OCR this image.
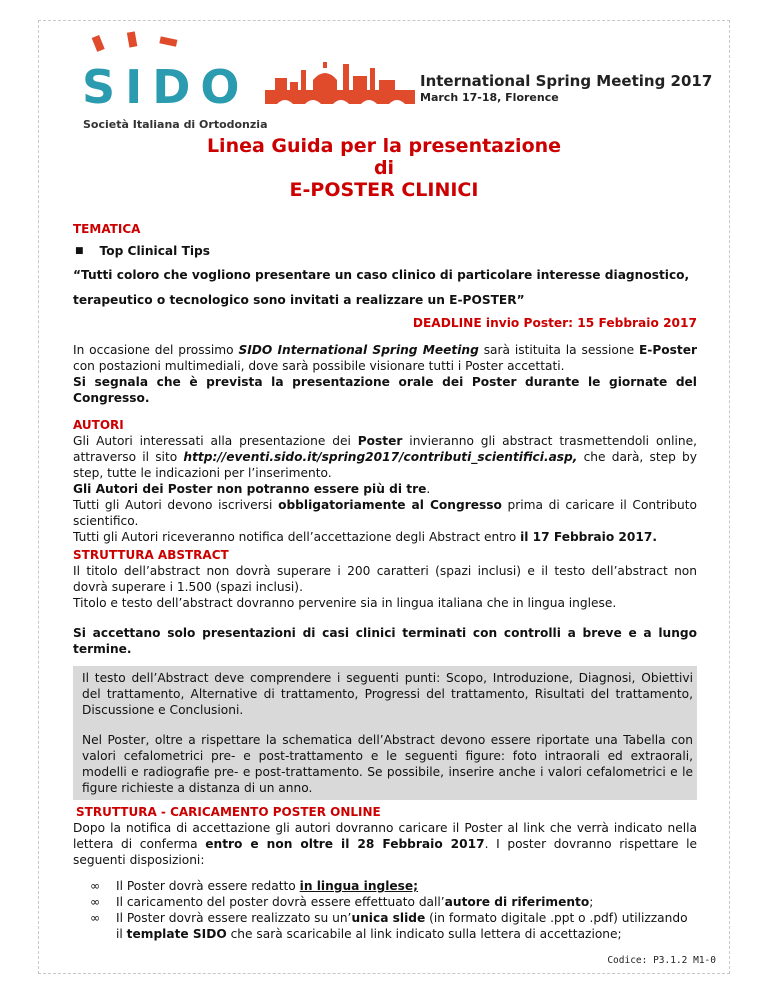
SIDO
Società Italiana di Ortodonzia
International Spring Meeting 2017
March 17-18, Florence
Linea Guida per la presentazione
di
E-POSTER CLINICI
TEMATICA
■ Top Clinical Tips
“Tutti coloro che vogliono presentare un caso clinico di particolare interesse diagnostico,
terapeutico o tecnologico sono invitati a realizzare un E-POSTER”
DEADLINE invio Poster: 15 Febbraio 2017

In occasione del prossimo SIDO International Spring Meeting sarà istituita la sessione E-Poster con postazioni multimediali, dove sarà possibile visionare tutti i Poster accettati.

Si segnala che è prevista la presentazione orale dei Poster durante le giornate del Congresso.

AUTORI

Gli Autori interessati alla presentazione dei Poster invieranno gli abstract trasmettendoli online, attraverso il sito http://eventi.sido.it/spring2017/contributi_scientifici.asp, che darà, step by step, tutte le indicazioni per l’inserimento.

Gli Autori dei Poster non potranno essere più di tre.

Tutti gli Autori devono iscriversi obbligatoriamente al Congresso prima di caricare il Contributo scientifico.

Tutti gli Autori riceveranno notifica dell’accettazione degli Abstract entro il 17 Febbraio 2017.

STRUTTURA ABSTRACT

Il titolo dell’abstract non dovrà superare i 200 caratteri (spazi inclusi) e il testo dell’abstract non dovrà superare i 1.500 (spazi inclusi).

Titolo e testo dell’abstract dovranno pervenire sia in lingua italiana che in lingua inglese.

Si accettano solo presentazioni di casi clinici terminati con controlli a breve e a lungo termine.

Il testo dell’Abstract deve comprendere i seguenti punti: Scopo, Introduzione, Diagnosi, Obiettivi del trattamento, Alternative di trattamento, Progressi del trattamento, Risultati del trattamento, Discussione e Conclusioni.

Nel Poster, oltre a rispettare la schematica dell’Abstract devono essere riportate una Tabella con valori cefalometrici pre- e post-trattamento e le seguenti figure: foto intraorali ed extraorali, modelli e radiografie pre- e post-trattamento. Se possibile, inserire anche i valori cefalometrici e le figure richieste a distanza di un anno.

STRUTTURA - CARICAMENTO POSTER ONLINE

Dopo la notifica di accettazione gli autori dovranno caricare il Poster al link che verrà indicato nella lettera di conferma entro e non oltre il 28 Febbraio 2017. I poster dovranno rispettare le seguenti disposizioni:

∞ Il Poster dovrà essere redatto in lingua inglese;
∞ Il caricamento del poster dovrà essere effettuato dall’autore di riferimento;
∞ Il Poster dovrà essere realizzato su un’unica slide (in formato digitale .ppt o .pdf) utilizzando il template SIDO che sarà scaricabile al link indicato sulla lettera di accettazione;
Codice: P3.1.2 M1-0
